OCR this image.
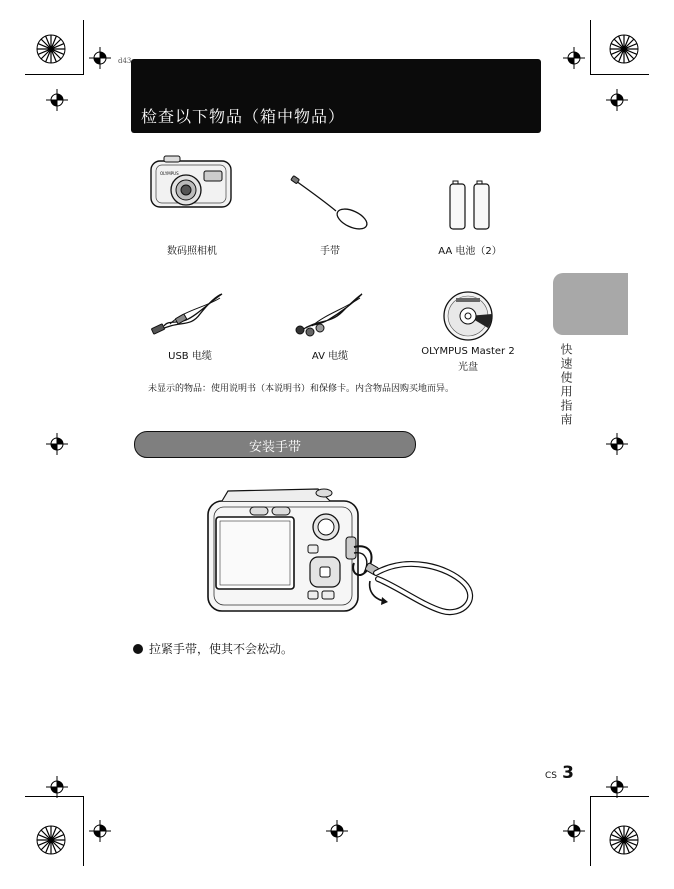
d43
检查以下物品（箱中物品）
快速使用指南
OLYMPUS
数码照相机	手带	AA 电池（2）
USB 电缆	AV 电缆	OLYMPUS Master 2
光盘
未显示的物品：使用说明书（本说明书）和保修卡。内含物品因购买地而异。
安装手带
拉紧手带，使其不会松动。
CS 3
